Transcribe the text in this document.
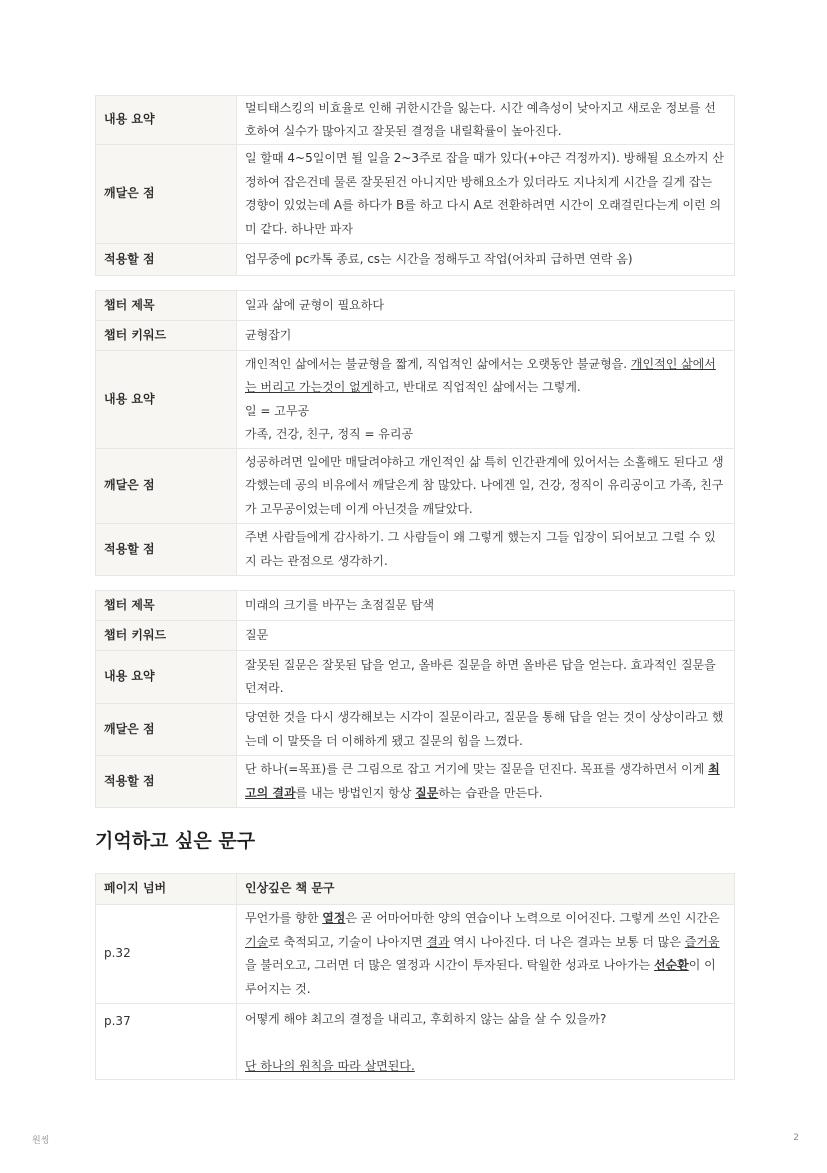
내용 요약	멀티태스킹의 비효율로 인해 귀한시간을 잃는다. 시간 예측성이 낮아지고 새로운 정보를 선호하여 실수가 많아지고 잘못된 결정을 내릴확률이 높아진다.
깨달은 점	일 할때 4~5일이면 될 일을 2~3주로 잡을 때가 있다(+야근 걱정까지). 방해될 요소까지 산정하여 잡은건데 물론 잘못된건 아니지만 방해요소가 있더라도 지나치게 시간을 길게 잡는 경향이 있었는데 A를 하다가 B를 하고 다시 A로 전환하려면 시간이 오래걸린다는게 이런 의미 같다. 하나만 파자
적용할 점	업무중에 pc카톡 종료, cs는 시간을 정해두고 작업(어차피 급하면 연락 옴)
챕터 제목	일과 삶에 균형이 필요하다
챕터 키워드	균형잡기
내용 요약	개인적인 삶에서는 불균형을 짧게, 직업적인 삶에서는 오랫동안 불균형을. 개인적인 삶에서는 버리고 가는것이 없게하고, 반대로 직업적인 삶에서는 그렇게.
일 = 고무공
가족, 건강, 친구, 정직 = 유리공
깨달은 점	성공하려면 일에만 매달려야하고 개인적인 삶 특히 인간관계에 있어서는 소홀해도 된다고 생각했는데 공의 비유에서 깨달은게 참 많았다. 나에겐 일, 건강, 정직이 유리공이고 가족, 친구가 고무공이었는데 이게 아닌것을 깨달았다.
적용할 점	주변 사람들에게 감사하기. 그 사람들이 왜 그렇게 했는지 그들 입장이 되어보고 그럴 수 있지 라는 관점으로 생각하기.
챕터 제목	미래의 크기를 바꾸는 초점질문 탐색
챕터 키워드	질문
내용 요약	잘못된 질문은 잘못된 답을 얻고, 올바른 질문을 하면 올바른 답을 얻는다. 효과적인 질문을 던져라.
깨달은 점	당연한 것을 다시 생각해보는 시각이 질문이라고, 질문을 통해 답을 얻는 것이 상상이라고 했는데 이 말뜻을 더 이해하게 됐고 질문의 힘을 느꼈다.
적용할 점	단 하나(=목표)를 큰 그림으로 잡고 거기에 맞는 질문을 던진다. 목표를 생각하면서 이게 최고의 결과를 내는 방법인지 항상 질문하는 습관을 만든다.
기억하고 싶은 문구
페이지 넘버	인상깊은 책 문구
p.32	무언가를 향한 열정은 곧 어마어마한 양의 연습이나 노력으로 이어진다. 그렇게 쓰인 시간은 기술로 축적되고, 기술이 나아지면 결과 역시 나아진다. 더 나은 결과는 보통 더 많은 즐거움을 불러오고, 그러면 더 많은 열정과 시간이 투자된다. 탁월한 성과로 나아가는 선순환이 이루어지는 것.
p.37	어떻게 해야 최고의 결정을 내리고, 후회하지 않는 삶을 살 수 있을까?
단 하나의 원칙을 따라 살면된다.
원씽	2
